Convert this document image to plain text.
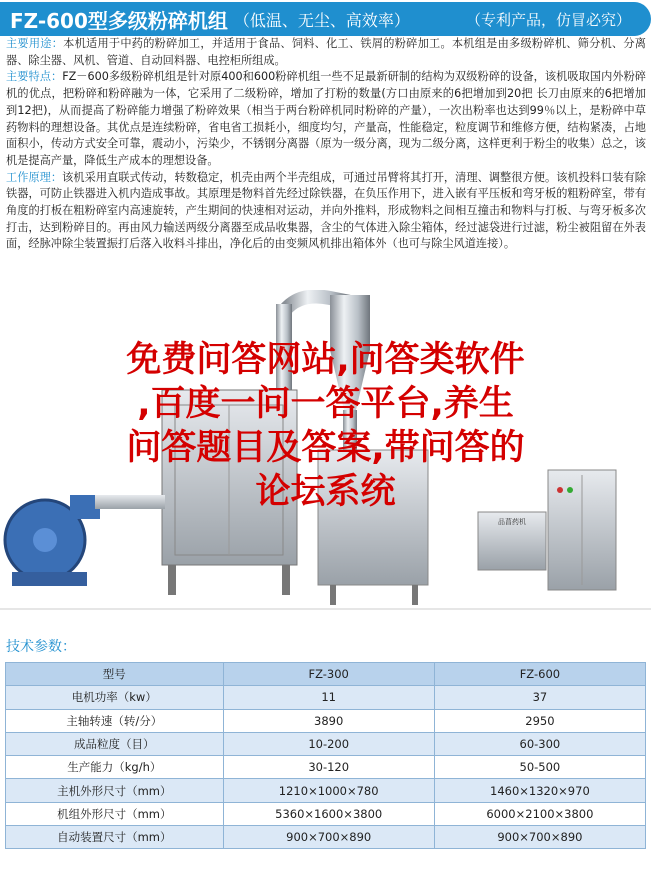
FZ-600型多级粉碎机组 （低温、无尘、高效率）	（专利产品，仿冒必究）

主要用途：本机适用于中药的粉碎加工，并适用于食品、饲料、化工、铁屑的粉碎加工。本机组是由多级粉碎机、筛分机、分离器、除尘器、风机、管道、自动回料器、电控柜所组成。

主要特点：FZ－600多级粉碎机组是针对原400和600粉碎机组一些不足最新研制的结构为双级粉碎的设备，该机吸取国内外粉碎机的优点，把粉碎和粉碎融为一体，它采用了二级粉碎，增加了打粉的数量(方口由原来的6把增加到20把 长刀由原来的6把增加到12把)，从而提高了粉碎能力增强了粉碎效果（相当于两台粉碎机同时粉碎的产量），一次出粉率也达到99％以上，是粉碎中草药物料的理想设备。其优点是连续粉碎，省电省工损耗小，细度均匀，产量高，性能稳定，粒度调节和维修方便，结构紧凑，占地面积小，传动方式安全可靠，震动小，污染少，不锈钢分离器（原为一级分离，现为二级分离，这样更利于粉尘的收集）总之，该机是提高产量，降低生产成本的理想设备。

工作原理：该机采用直联式传动，转数稳定，机壳由两个半壳组成，可通过吊臂将其打开，清理、调整很方便。该机投料口装有除铁器，可防止铁器进入机内造成事故。其原理是物料首先经过除铁器，在负压作用下，进入嵌有平压板和弯牙板的粗粉碎室，带有角度的打板在粗粉碎室内高速旋转，产生期间的快速相对运动，并向外推料，形成物料之间相互撞击和物料与打板、与弯牙板多次打击，达到粉碎目的。再由风力输送两级分离器至成品收集器，含尘的气体进入除尘箱体，经过滤袋进行过滤，粉尘被阻留在外表面，经脉冲除尘装置振打后落入收料斗排出，净化后的由变频风机排出箱体外（也可与除尘风道连接）。

品菖药机
免费问答网站,问答类软件
,百度一问一答平台,养生
问答题目及答案,带问答的
论坛系统
技术参数：
型号	FZ-300	FZ-600
电机功率（kw）	11	37
主轴转速（转/分）	3890	2950
成品粒度（目）	10-200	60-300
生产能力（kg/h）	30-120	50-500
主机外形尺寸（mm）	1210×1000×780	1460×1320×970
机组外形尺寸（mm）	5360×1600×3800	6000×2100×3800
自动装置尺寸（mm）	900×700×890	900×700×890
